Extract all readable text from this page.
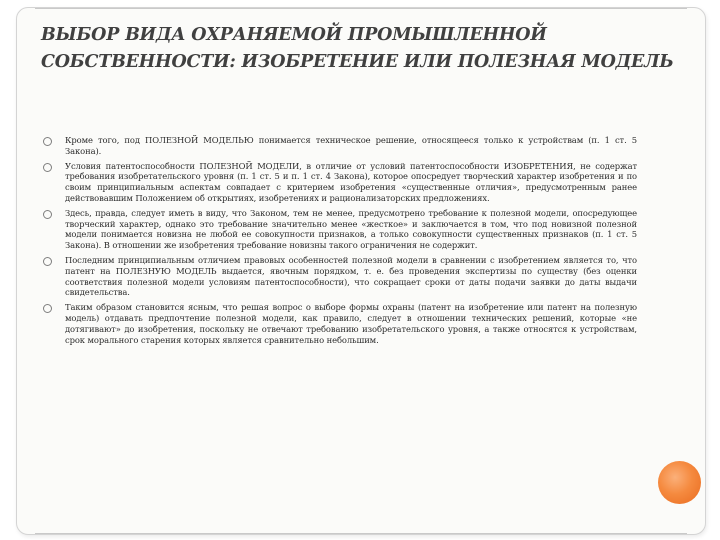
ВЫБОР ВИДА ОХРАНЯЕМОЙ ПРОМЫШЛЕННОЙ СОБСТВЕННОСТИ: ИЗОБРЕТЕНИЕ ИЛИ ПОЛЕЗНАЯ МОДЕЛЬ
Кроме того, под ПОЛЕЗНОЙ МОДЕЛЬЮ понимается техническое решение, относящееся только к устройствам (п. 1 ст. 5 Закона).
Условия патентоспособности ПОЛЕЗНОЙ МОДЕЛИ, в отличие от условий патентоспособности ИЗОБРЕТЕНИЯ, не содержат требования изобретательского уровня (п. 1 ст. 5 и п. 1 ст. 4 Закона), которое опосредует творческий характер изобретения и по своим принципиальным аспектам совпадает с критерием изобретения «существенные отличия», предусмотренным ранее действовавшим Положением об открытиях, изобретениях и рационализаторских предложениях.
Здесь, правда, следует иметь в виду, что Законом, тем не менее, предусмотрено требование к полезной модели, опосредующее творческий характер, однако это требование значительно менее «жесткое» и заключается в том, что под новизной полезной модели понимается новизна не любой ее совокупности признаков, а только совокупности существенных признаков (п. 1 ст. 5 Закона). В отношении же изобретения требование новизны такого ограничения не содержит.
Последним принципиальным отличием правовых особенностей полезной модели в сравнении с изобретением является то, что патент на ПОЛЕЗНУЮ МОДЕЛЬ выдается, явочным порядком, т. е. без проведения экспертизы по существу (без оценки соответствия полезной модели условиям патентоспособности), что сокращает сроки от даты подачи заявки до даты выдачи свидетельства.
Таким образом становится ясным, что решая вопрос о выборе формы охраны (патент на изобретение или патент на полезную модель) отдавать предпочтение полезной модели, как правило, следует в отношении технических решений, которые «не дотягивают» до изобретения, поскольку не отвечают требованию изобретательского уровня, а также относятся к устройствам, срок морального старения которых является сравнительно небольшим.
